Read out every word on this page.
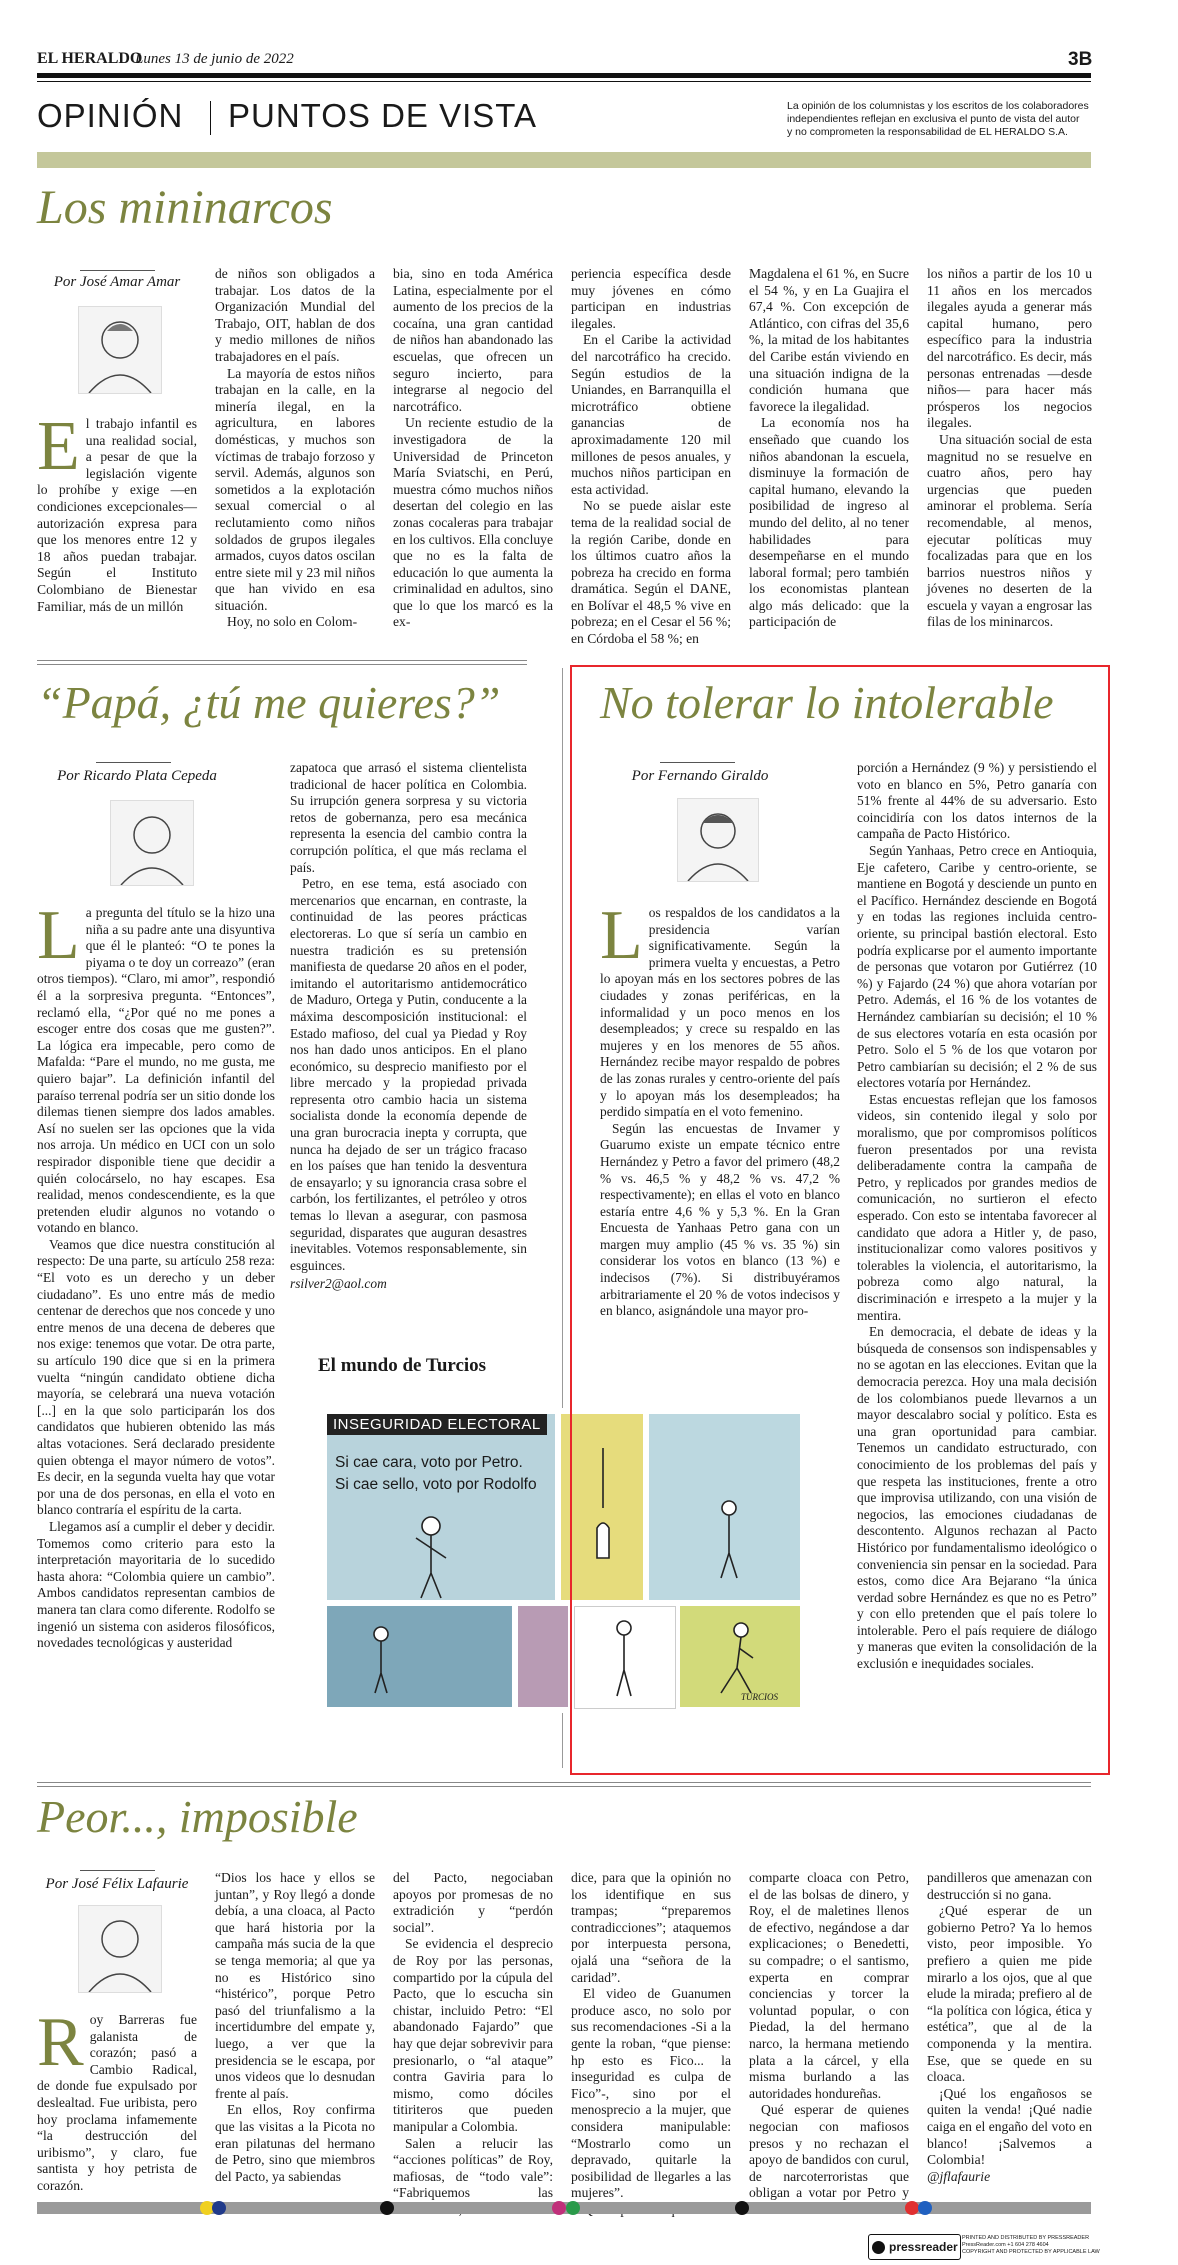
EL HERALDO
Lunes 13 de junio de 2022	3B
OPINIÓN PUNTOS DE VISTA	La opinión de los columnistas y los escritos de los colaboradores
independientes reflejan en exclusiva el punto de vista del autor
y no comprometen la responsabilidad de EL HERALDO S.A.
Los mininarcos
Por José Amar Amar
E l trabajo infantil es una realidad social, a pesar de que la legislación vigente lo prohíbe y exige —en condiciones excepcionales— autorización expresa para que los menores entre 12 y 18 años puedan trabajar. Según el Instituto Colombiano de Bienestar Familiar, más de un millón

de niños son obligados a trabajar. Los datos de la Organización Mundial del Trabajo, OIT, hablan de dos y medio millones de niños trabajadores en el país.

La mayoría de estos niños trabajan en la calle, en la minería ilegal, en la agricultura, en labores domésticas, y muchos son víctimas de trabajo forzoso y servil. Además, algunos son sometidos a la explotación sexual comercial o al reclutamiento como niños soldados de grupos ilegales armados, cuyos datos oscilan entre siete mil y 23 mil niños que han vivido en esa situación.

Hoy, no solo en Colom-

bia, sino en toda América Latina, especialmente por el aumento de los precios de la cocaína, una gran cantidad de niños han abandonado las escuelas, que ofrecen un seguro incierto, para integrarse al negocio del narcotráfico.

Un reciente estudio de la investigadora de la Universidad de Princeton María Sviatschi, en Perú, muestra cómo muchos niños desertan del colegio en las zonas cocaleras para trabajar en los cultivos. Ella concluye que no es la falta de educación lo que aumenta la criminalidad en adultos, sino que lo que los marcó es la ex-

periencia específica desde muy jóvenes en cómo participan en industrias ilegales.

En el Caribe la actividad del narcotráfico ha crecido. Según estudios de la Uniandes, en Barranquilla el microtráfico obtiene ganancias de aproximadamente 120 mil millones de pesos anuales, y muchos niños participan en esta actividad.

No se puede aislar este tema de la realidad social de la región Caribe, donde en los últimos cuatro años la pobreza ha crecido en forma dramática. Según el DANE, en Bolívar el 48,5 % vive en pobreza; en el Cesar el 56 %; en Córdoba el 58 %; en

Magdalena el 61 %, en Sucre el 54 %, y en La Guajira el 67,4 %. Con excepción de Atlántico, con cifras del 35,6 %, la mitad de los habitantes del Caribe están viviendo en una situación indigna de la condición humana que favorece la ilegalidad.

La economía nos ha enseñado que cuando los niños abandonan la escuela, disminuye la formación de capital humano, elevando la posibilidad de ingreso al mundo del delito, al no tener habilidades para desempeñarse en el mundo laboral formal; pero también los economistas plantean algo más delicado: que la participación de

los niños a partir de los 10 u 11 años en los mercados ilegales ayuda a generar más capital humano, pero específico para la industria del narcotráfico. Es decir, más personas entrenadas —desde niños— para hacer más prósperos los negocios ilegales.

Una situación social de esta magnitud no se resuelve en cuatro años, pero hay urgencias que pueden aminorar el problema. Sería recomendable, al menos, ejecutar políticas muy focalizadas para que en los barrios nuestros niños y jóvenes no deserten de la escuela y vayan a engrosar las filas de los mininarcos.

“Papá, ¿tú me quieres?”
Por Ricardo Plata Cepeda
L a pregunta del título se la hizo una niña a su padre ante una disyuntiva que él le planteó: “O te pones la piyama o te doy un correazo” (eran otros tiempos). “Claro, mi amor”, respondió él a la sorpresiva pregunta. “Entonces”, reclamó ella, “¿Por qué no me pones a escoger entre dos cosas que me gusten?”. La lógica era impecable, pero como de Mafalda: “Pare el mundo, no me gusta, me quiero bajar”. La definición infantil del paraíso terrenal podría ser un sitio donde los dilemas tienen siempre dos lados amables. Así no suelen ser las opciones que la vida nos arroja. Un médico en UCI con un solo respirador disponible tiene que decidir a quién colocárselo, no hay escapes. Esa realidad, menos condescendiente, es la que pretenden eludir algunos no votando o votando en blanco.

Veamos que dice nuestra constitución al respecto: De una parte, su artículo 258 reza: “El voto es un derecho y un deber ciudadano”. Es uno entre más de medio centenar de derechos que nos concede y uno entre menos de una decena de deberes que nos exige: tenemos que votar. De otra parte, su artículo 190 dice que si en la primera vuelta “ningún candidato obtiene dicha mayoría, se celebrará una nueva votación [...] en la que solo participarán los dos candidatos que hubieren obtenido las más altas votaciones. Será declarado presidente quien obtenga el mayor número de votos”. Es decir, en la segunda vuelta hay que votar por una de dos personas, en ella el voto en blanco contraría el espíritu de la carta.

Llegamos así a cumplir el deber y decidir. Tomemos como criterio para esto la interpretación mayoritaria de lo sucedido hasta ahora: “Colombia quiere un cambio”. Ambos candidatos representan cambios de manera tan clara como diferente. Rodolfo se ingenió un sistema con asideros filosóficos, novedades tecnológicas y austeridad

zapatoca que arrasó el sistema clientelista tradicional de hacer política en Colombia. Su irrupción genera sorpresa y su victoria retos de gobernanza, pero esa mecánica representa la esencia del cambio contra la corrupción política, el que más reclama el país.

Petro, en ese tema, está asociado con mercenarios que encarnan, en contraste, la continuidad de las peores prácticas electoreras. Lo que sí sería un cambio en nuestra tradición es su pretensión manifiesta de quedarse 20 años en el poder, imitando el autoritarismo antidemocrático de Maduro, Ortega y Putin, conducente a la máxima descomposición institucional: el Estado mafioso, del cual ya Piedad y Roy nos han dado unos anticipos. En el plano económico, su desprecio manifiesto por el libre mercado y la propiedad privada representa otro cambio hacia un sistema socialista donde la economía depende de una gran burocracia inepta y corrupta, que nunca ha dejado de ser un trágico fracaso en los países que han tenido la desventura de ensayarlo; y su ignorancia crasa sobre el carbón, los fertilizantes, el petróleo y otros temas lo llevan a asegurar, con pasmosa seguridad, disparates que auguran desastres inevitables. Votemos responsablemente, sin esguinces.

rsilver2@aol.com

El mundo de Turcios
INSEGURIDAD ELECTORAL
Si cae cara, voto por Petro.
Si cae sello, voto por Rodolfo
TURCIOS
No tolerar lo intolerable
Por Fernando Giraldo
L os respaldos de los candidatos a la presidencia varían significativamente. Según la primera vuelta y encuestas, a Petro lo apoyan más en los sectores pobres de las ciudades y zonas periféricas, en la informalidad y un poco menos en los desempleados; y crece su respaldo en las mujeres y en los menores de 55 años. Hernández recibe mayor respaldo de pobres de las zonas rurales y centro-oriente del país y lo apoyan más los desempleados; ha perdido simpatía en el voto femenino.

Según las encuestas de Invamer y Guarumo existe un empate técnico entre Hernández y Petro a favor del primero (48,2 % vs. 46,5 % y 48,2 % vs. 47,2 % respectivamente); en ellas el voto en blanco estaría entre 4,6 % y 5,3 %. En la Gran Encuesta de Yanhaas Petro gana con un margen muy amplio (45 % vs. 35 %) sin considerar los votos en blanco (13 %) e indecisos (7%). Si distribuyéramos arbitrariamente el 20 % de votos indecisos y en blanco, asignándole una mayor pro-

porción a Hernández (9 %) y persistiendo el voto en blanco en 5%, Petro ganaría con 51% frente al 44% de su adversario. Esto coincidiría con los datos internos de la campaña de Pacto Histórico.

Según Yanhaas, Petro crece en Antioquia, Eje cafetero, Caribe y centro-oriente, se mantiene en Bogotá y desciende un punto en el Pacífico. Hernández desciende en Bogotá y en todas las regiones incluida centro-oriente, su principal bastión electoral. Esto podría explicarse por el aumento importante de personas que votaron por Gutiérrez (10 %) y Fajardo (24 %) que ahora votarían por Petro. Además, el 16 % de los votantes de Hernández cambiarían su decisión; el 10 % de sus electores votaría en esta ocasión por Petro. Solo el 5 % de los que votaron por Petro cambiarían su decisión; el 2 % de sus electores votaría por Hernández.

Estas encuestas reflejan que los famosos videos, sin contenido ilegal y solo por moralismo, que por compromisos políticos fueron presentados por una revista deliberadamente contra la campaña de Petro, y replicados por grandes medios de comunicación, no surtieron el efecto esperado. Con esto se intentaba favorecer al candidato que adora a Hitler y, de paso, institucionalizar como valores positivos y tolerables la violencia, el autoritarismo, la pobreza como algo natural, la discriminación e irrespeto a la mujer y la mentira.

En democracia, el debate de ideas y la búsqueda de consensos son indispensables y no se agotan en las elecciones. Evitan que la democracia perezca. Hoy una mala decisión de los colombianos puede llevarnos a un mayor descalabro social y político. Esta es una gran oportunidad para cambiar. Tenemos un candidato estructurado, con conocimiento de los problemas del país y que respeta las instituciones, frente a otro que improvisa utilizando, con una visión de negocios, las emociones ciudadanas de descontento. Algunos rechazan al Pacto Histórico por fundamentalismo ideológico o conveniencia sin pensar en la sociedad. Para estos, como dice Ara Bejarano “la única verdad sobre Hernández es que no es Petro” y con ello pretenden que el país tolere lo intolerable. Pero el país requiere de diálogo y maneras que eviten la consolidación de la exclusión e inequidades sociales.

Peor..., imposible
Por José Félix Lafaurie
R oy Barreras fue galanista de corazón; pasó a Cambio Radical, de donde fue expulsado por deslealtad. Fue uribista, pero hoy proclama infamemente “la destrucción del uribismo”, y claro, fue santista y hoy petrista de corazón.

“Dios los hace y ellos se juntan”, y Roy llegó a donde debía, a una cloaca, al Pacto que hará historia por la campaña más sucia de la que se tenga memoria; al que ya no es Histórico sino “histérico”, porque Petro pasó del triunfalismo a la incertidumbre del empate y, luego, a ver que la presidencia se le escapa, por unos videos que lo desnudan frente al país.

En ellos, Roy confirma que las visitas a la Picota no eran pilatunas del hermano de Petro, sino que miembros del Pacto, ya sabiendas

del Pacto, negociaban apoyos por promesas de no extradición y “perdón social”.

Se evidencia el desprecio de Roy por las personas, compartido por la cúpula del Pacto, que lo escucha sin chistar, incluido Petro: “El abandonado Fajardo” que hay que dejar sobrevivir para presionarlo, o “al ataque” contra Gaviria para lo mismo, como dóciles titiriteros que pueden manipular a Colombia.

Salen a relucir las “acciones políticas” de Roy, mafiosas, de “todo vale”: “Fabriquemos las

dice, para que la opinión no los identifique en sus trampas; “preparemos contradicciones”; ataquemos por interpuesta persona, ojalá una “señora de la caridad”.

El video de Guanumen produce asco, no solo por sus recomendaciones -Si a la gente la roban, “que piense: hp esto es Fico... la inseguridad es culpa de Fico”-, sino por el menosprecio a la mujer, que considera manipulable: “Mostrarlo como un depravado, quitarle la posibilidad de llegarles a las mujeres”.

comparte cloaca con Petro, el de las bolsas de dinero, y Roy, el de maletines llenos de efectivo, negándose a dar explicaciones; o Benedetti, su compadre; o el santismo, experta en comprar conciencias y torcer la voluntad popular, o con Piedad, la del hermano narco, la hermana metiendo plata a la cárcel, y ella misma burlando a las autoridades hondureñas.

Qué esperar de quienes negocian con mafiosos presos y no rechazan el apoyo de bandidos con curul, de narcoterroristas que obligan a votar por Petro y

pandilleros que amenazan con destrucción si no gana.

¿Qué esperar de un gobierno Petro? Ya lo hemos visto, peor imposible. Yo prefiero a quien me pide mirarlo a los ojos, que al que elude la mirada; prefiero al de “la política con lógica, ética y estética”, que al de la componenda y la mentira. Ese, que se quede en su cloaca.

¡Qué los engañosos se quiten la venda! ¡Qué nadie caiga en el engaño del voto en blanco! ¡Salvemos a Colombia!

@jflafaurie

pressreader
PRINTED AND DISTRIBUTED BY PRESSREADER
PressReader.com +1 604 278 4604
COPYRIGHT AND PROTECTED BY APPLICABLE LAW
